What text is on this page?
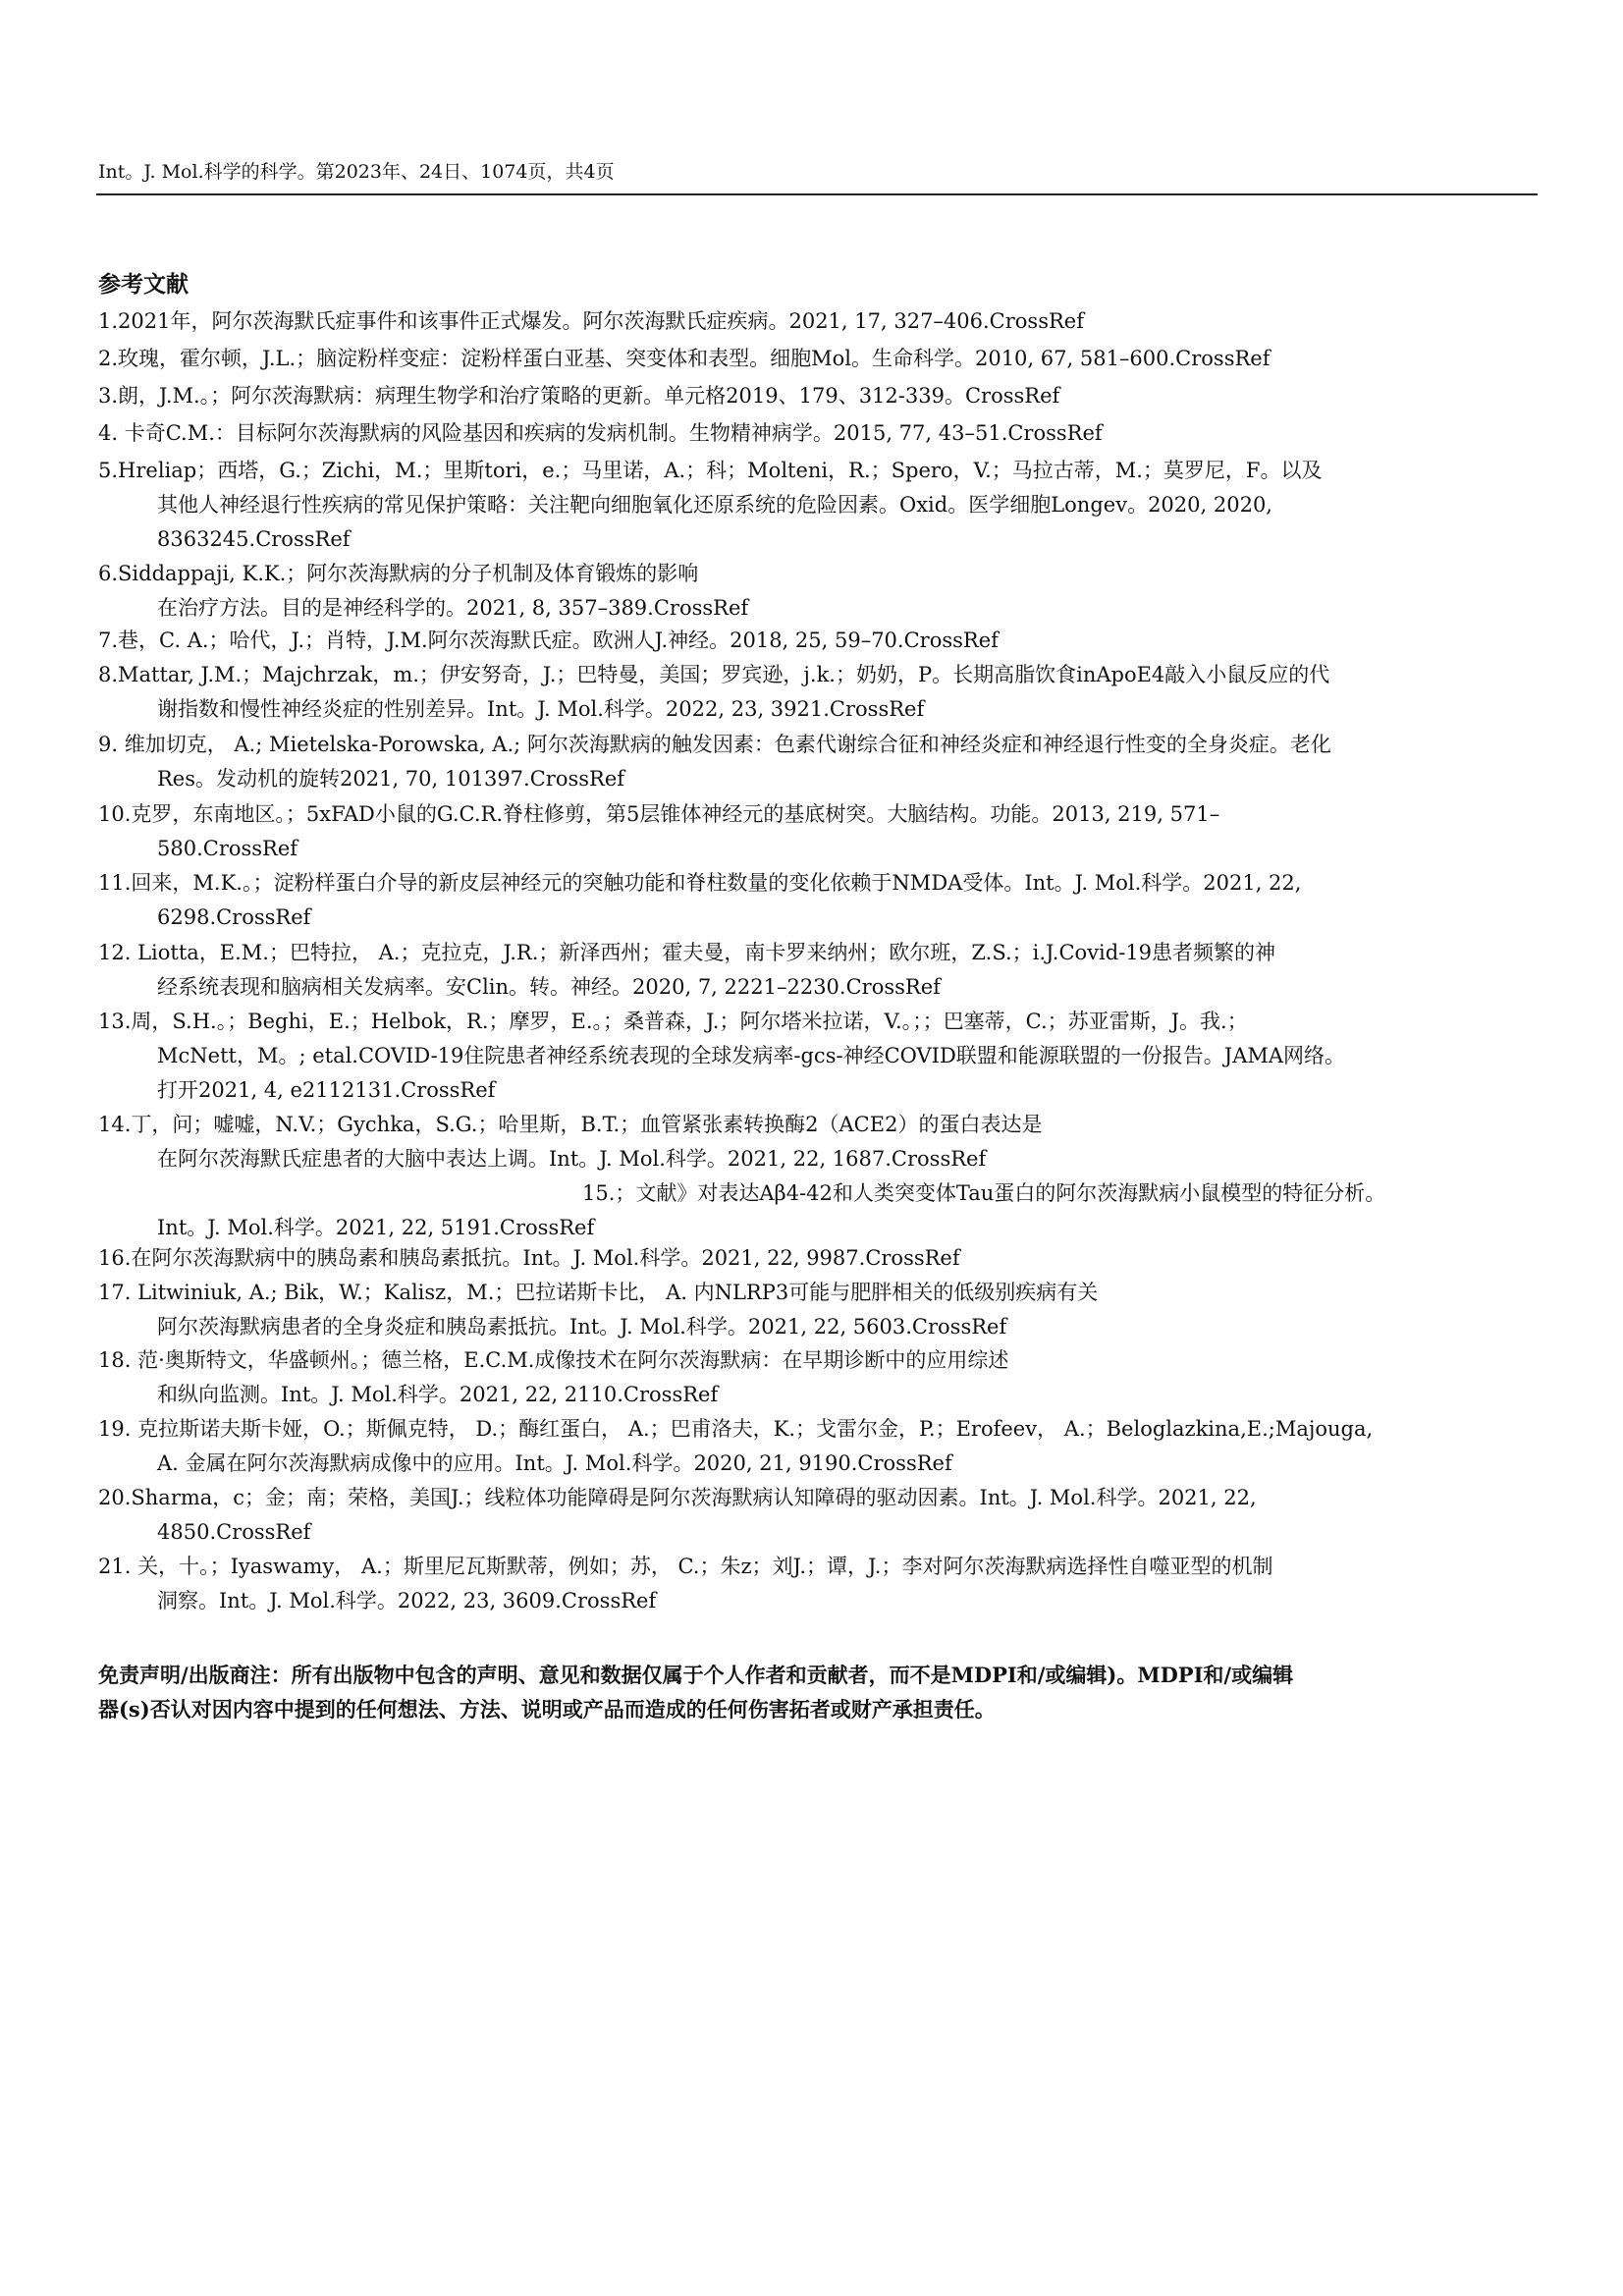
Int。J. Mol.科学的科学。第2023年、24日、1074页，共4页
参考文献
1.2021年，阿尔茨海默氏症事件和该事件正式爆发。阿尔茨海默氏症疾病。2021, 17, 327–406.CrossRef
2.玫瑰，霍尔顿，J.L.；脑淀粉样变症：淀粉样蛋白亚基、突变体和表型。细胞Mol。生命科学。2010, 67, 581–600.CrossRef
3.朗，J.M.。；阿尔茨海默病：病理生物学和治疗策略的更新。单元格2019、179、312-339。CrossRef
4. 卡奇C.M.：目标阿尔茨海默病的风险基因和疾病的发病机制。生物精神病学。2015, 77, 43–51.CrossRef
5.Hreliap；西塔，G.；Zichi，M.；里斯tori，e.；马里诺，A.；科；Molteni，R.；Spero，V.；马拉古蒂，M.；莫罗尼，F。以及
其他人神经退行性疾病的常见保护策略：关注靶向细胞氧化还原系统的危险因素。Oxid。医学细胞Longev。2020, 2020,
8363245.CrossRef
6.Siddappaji, K.K.；阿尔茨海默病的分子机制及体育锻炼的影响
在治疗方法。目的是神经科学的。2021, 8, 357–389.CrossRef
7.巷，C. A.；哈代，J.；肖特，J.M.阿尔茨海默氏症。欧洲人J.神经。2018, 25, 59–70.CrossRef
8.Mattar, J.M.；Majchrzak，m.；伊安努奇，J.；巴特曼，美国；罗宾逊，j.k.；奶奶，P。长期高脂饮食inApoE4敲入小鼠反应的代
谢指数和慢性神经炎症的性别差异。Int。J. Mol.科学。2022, 23, 3921.CrossRef
9. 维加切克， A.; Mietelska-Porowska, A.; 阿尔茨海默病的触发因素：色素代谢综合征和神经炎症和神经退行性变的全身炎症。老化
Res。发动机的旋转2021, 70, 101397.CrossRef
10.克罗，东南地区。；5xFAD小鼠的G.C.R.脊柱修剪，第5层锥体神经元的基底树突。大脑结构。功能。2013, 219, 571–
580.CrossRef
11.回来，M.K.。；淀粉样蛋白介导的新皮层神经元的突触功能和脊柱数量的变化依赖于NMDA受体。Int。J. Mol.科学。2021, 22,
6298.CrossRef
12. Liotta，E.M.；巴特拉， A.；克拉克，J.R.；新泽西州；霍夫曼，南卡罗来纳州；欧尔班，Z.S.；i.J.Covid-19患者频繁的神
经系统表现和脑病相关发病率。安Clin。转。神经。2020, 7, 2221–2230.CrossRef
13.周，S.H.。；Beghi，E.；Helbok，R.；摩罗，E.。；桑普森，J.；阿尔塔米拉诺，V.。；；巴塞蒂，C.；苏亚雷斯，J。我.；
McNett，M。; etal.COVID-19住院患者神经系统表现的全球发病率-gcs-神经COVID联盟和能源联盟的一份报告。JAMA网络。
打开2021, 4, e2112131.CrossRef
14.丁，问；嘘嘘，N.V.；Gychka，S.G.；哈里斯，B.T.；血管紧张素转换酶2（ACE2）的蛋白表达是
在阿尔茨海默氏症患者的大脑中表达上调。Int。J. Mol.科学。2021, 22, 1687.CrossRef
15.；文献》对表达Aβ4-42和人类突变体Tau蛋白的阿尔茨海默病小鼠模型的特征分析。
Int。J. Mol.科学。2021, 22, 5191.CrossRef
16.在阿尔茨海默病中的胰岛素和胰岛素抵抗。Int。J. Mol.科学。2021, 22, 9987.CrossRef
17. Litwiniuk, A.; Bik，W.；Kalisz，M.；巴拉诺斯卡比， A. 内NLRP3可能与肥胖相关的低级别疾病有关
阿尔茨海默病患者的全身炎症和胰岛素抵抗。Int。J. Mol.科学。2021, 22, 5603.CrossRef
18. 范·奥斯特文，华盛顿州。；德兰格，E.C.M.成像技术在阿尔茨海默病：在早期诊断中的应用综述
和纵向监测。Int。J. Mol.科学。2021, 22, 2110.CrossRef
19. 克拉斯诺夫斯卡娅，O.；斯佩克特， D.；酶红蛋白， A.；巴甫洛夫，K.；戈雷尔金，P.；Erofeev， A.；Beloglazkina,E.;Majouga,
A. 金属在阿尔茨海默病成像中的应用。Int。J. Mol.科学。2020, 21, 9190.CrossRef
20.Sharma，c；金；南；荣格，美国J.；线粒体功能障碍是阿尔茨海默病认知障碍的驱动因素。Int。J. Mol.科学。2021, 22,
4850.CrossRef
21. 关，十。；Iyaswamy， A.；斯里尼瓦斯默蒂，例如；苏， C.；朱z；刘J.；谭，J.；李对阿尔茨海默病选择性自噬亚型的机制
洞察。Int。J. Mol.科学。2022, 23, 3609.CrossRef
免责声明/出版商注：所有出版物中包含的声明、意见和数据仅属于个人作者和贡献者，而不是MDPI和/或编辑)。MDPI和/或编辑
器(s)否认对因内容中提到的任何想法、方法、说明或产品而造成的任何伤害拓者或财产承担责任。
